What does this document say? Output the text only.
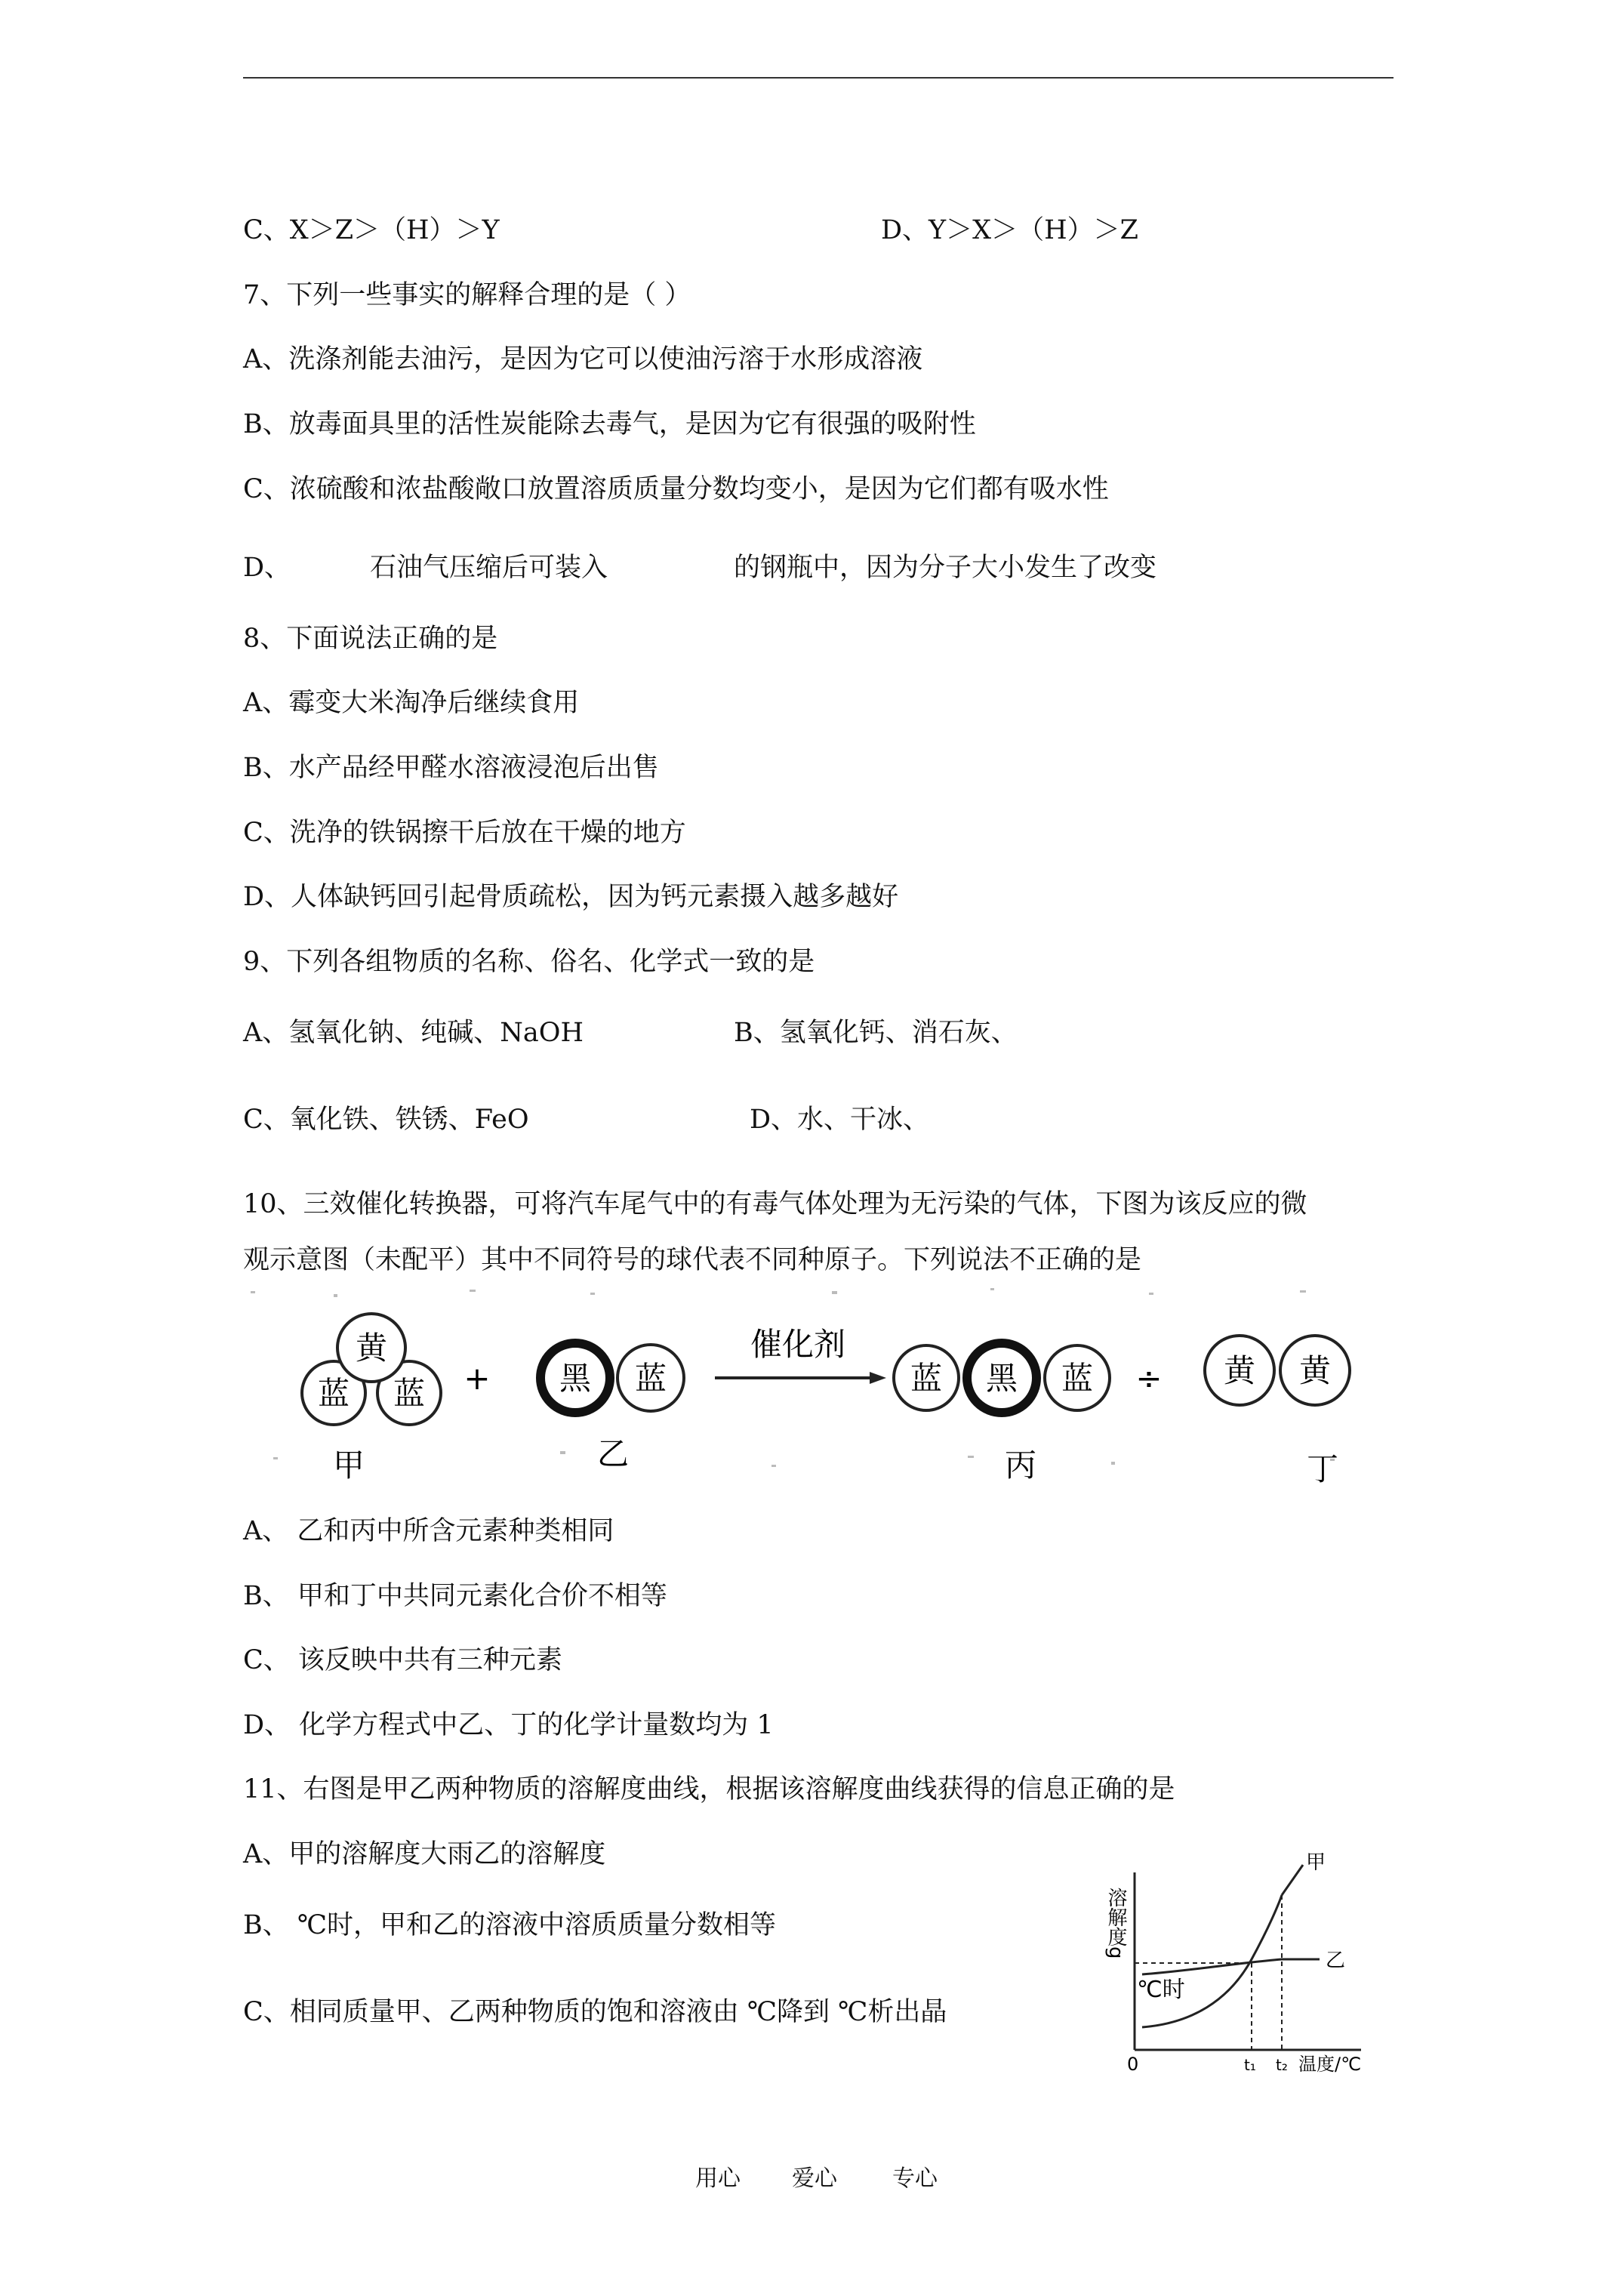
C、X＞Z＞（H）＞Y	D、Y＞X＞（H）＞Z
7、下列一些事实的解释合理的是（ ）
A、洗涤剂能去油污，是因为它可以使油污溶于水形成溶液
B、放毒面具里的活性炭能除去毒气，是因为它有很强的吸附性
C、浓硫酸和浓盐酸敞口放置溶质质量分数均变小，是因为它们都有吸水性
D、	石油气压缩后可装入	的钢瓶中，因为分子大小发生了改变
8、下面说法正确的是
A、霉变大米淘净后继续食用
B、水产品经甲醛水溶液浸泡后出售
C、洗净的铁锅擦干后放在干燥的地方
D、人体缺钙回引起骨质疏松，因为钙元素摄入越多越好
9、下列各组物质的名称、俗名、化学式一致的是
A、氢氧化钠、纯碱、NaOH	B、氢氧化钙、消石灰、
C、氧化铁、铁锈、FeO	D、水、干冰、
10、三效催化转换器，可将汽车尾气中的有毒气体处理为无污染的气体，下图为该反应的微
观示意图（未配平）其中不同符号的球代表不同种原子。下列说法不正确的是
蓝 蓝
黄
+ 黑 蓝
催化剂
蓝 黑 蓝 ÷ 黄 黄
甲	乙	丙	丁
A、 乙和丙中所含元素种类相同
B、 甲和丁中共同元素化合价不相等
C、 该反映中共有三种元素
D、 化学方程式中乙、丁的化学计量数均为 1
11、右图是甲乙两种物质的溶解度曲线，根据该溶解度曲线获得的信息正确的是
A、甲的溶解度大雨乙的溶解度
B、 ℃时，甲和乙的溶液中溶质质量分数相等
C、相同质量甲、乙两种物质的饱和溶液由 ℃降到 ℃析出晶
溶解度g
℃时
甲
乙
0	t₁ t₂ 温度/℃
用心 爱心 专心
